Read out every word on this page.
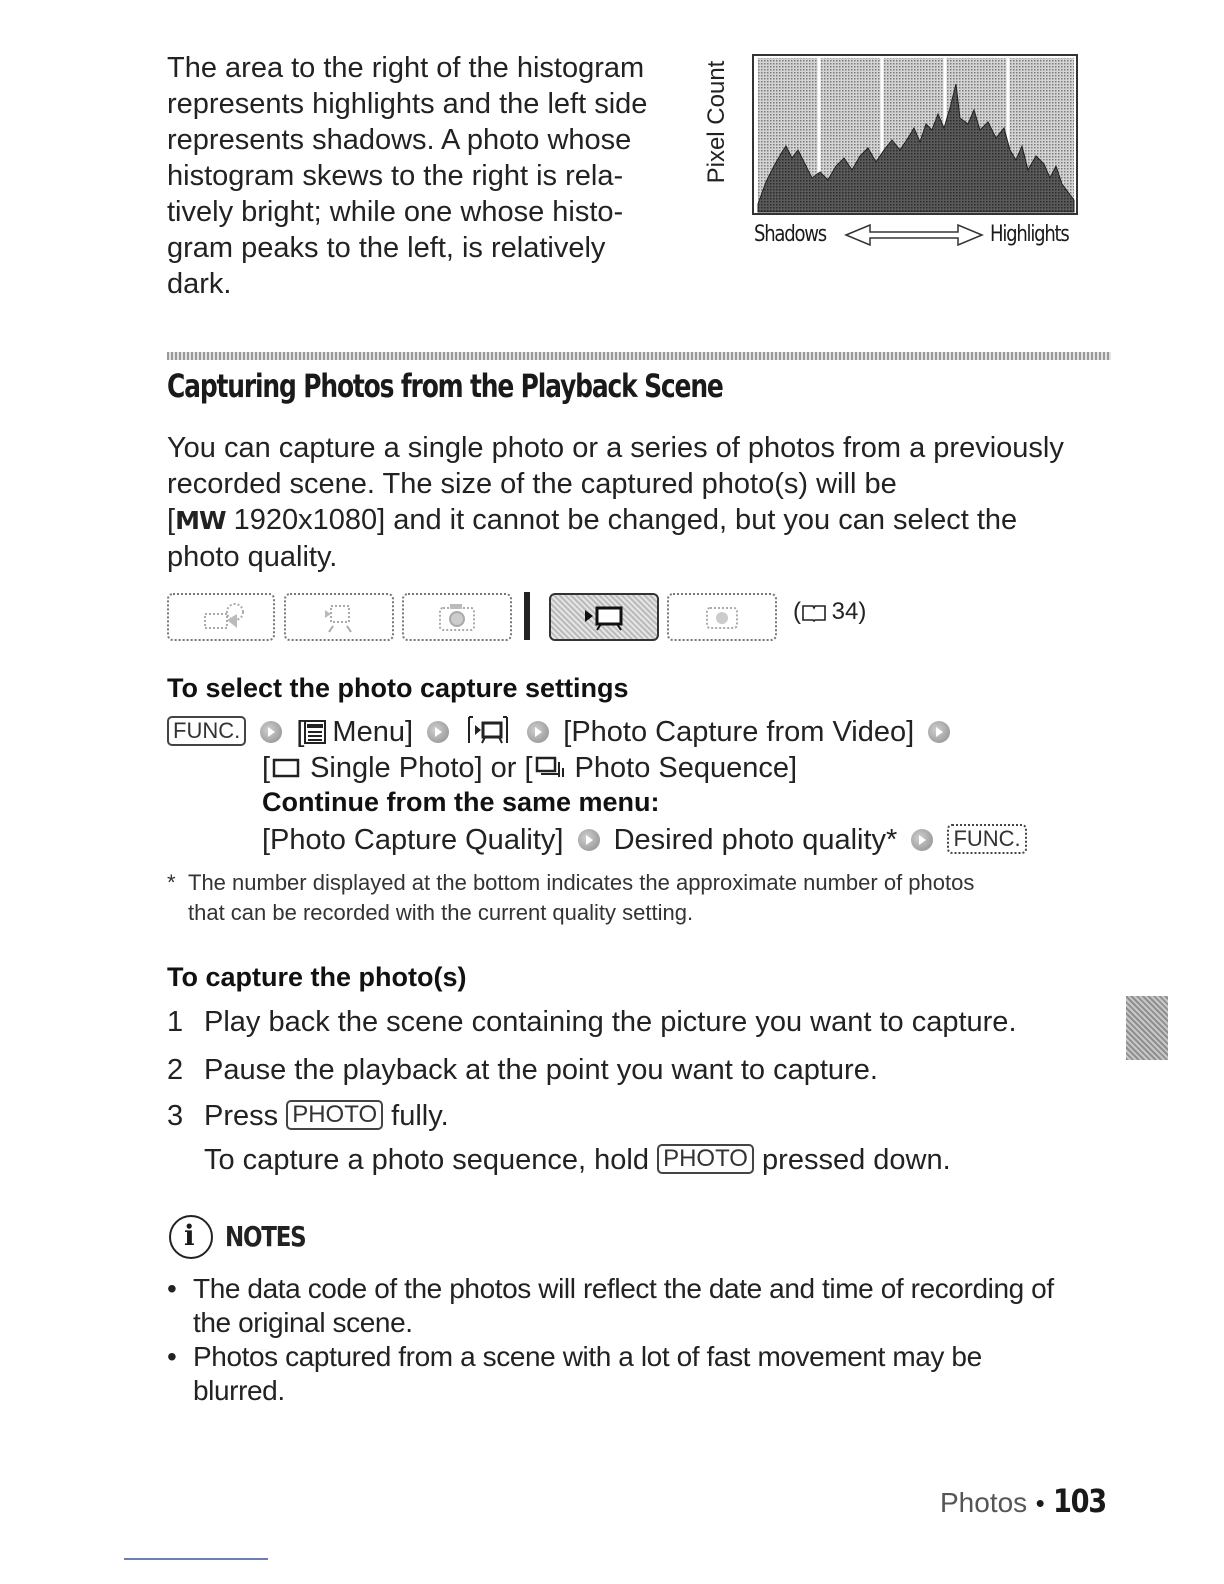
The area to the right of the histogram
represents highlights and the left side
represents shadows. A photo whose
histogram skews to the right is rela-
tively bright; while one whose histo-
gram peaks to the left, is relatively
dark.
Pixel Count
Shadows	Highlights
Capturing Photos from the Playback Scene
You can capture a single photo or a series of photos from a previously
recorded scene. The size of the captured photo(s) will be
[MW 1920x1080] and it cannot be changed, but you can select the
photo quality.
( 34)
To select the photo capture settings
FUNC. [ Menu]	[Photo Capture from Video]
[ Single Photo] or [ Photo Sequence]
Continue from the same menu:
[Photo Capture Quality] Desired photo quality*	FUNC.
* The number displayed at the bottom indicates the approximate number of photos
that can be recorded with the current quality setting.
To capture the photo(s)
1 Play back the scene containing the picture you want to capture.
2 Pause the playback at the point you want to capture.
3 Press PHOTO fully.
To capture a photo sequence, hold PHOTO pressed down.
i NOTES
• The data code of the photos will reflect the date and time of recording of
the original scene.
• Photos captured from a scene with a lot of fast movement may be
blurred.
Photos • 103
